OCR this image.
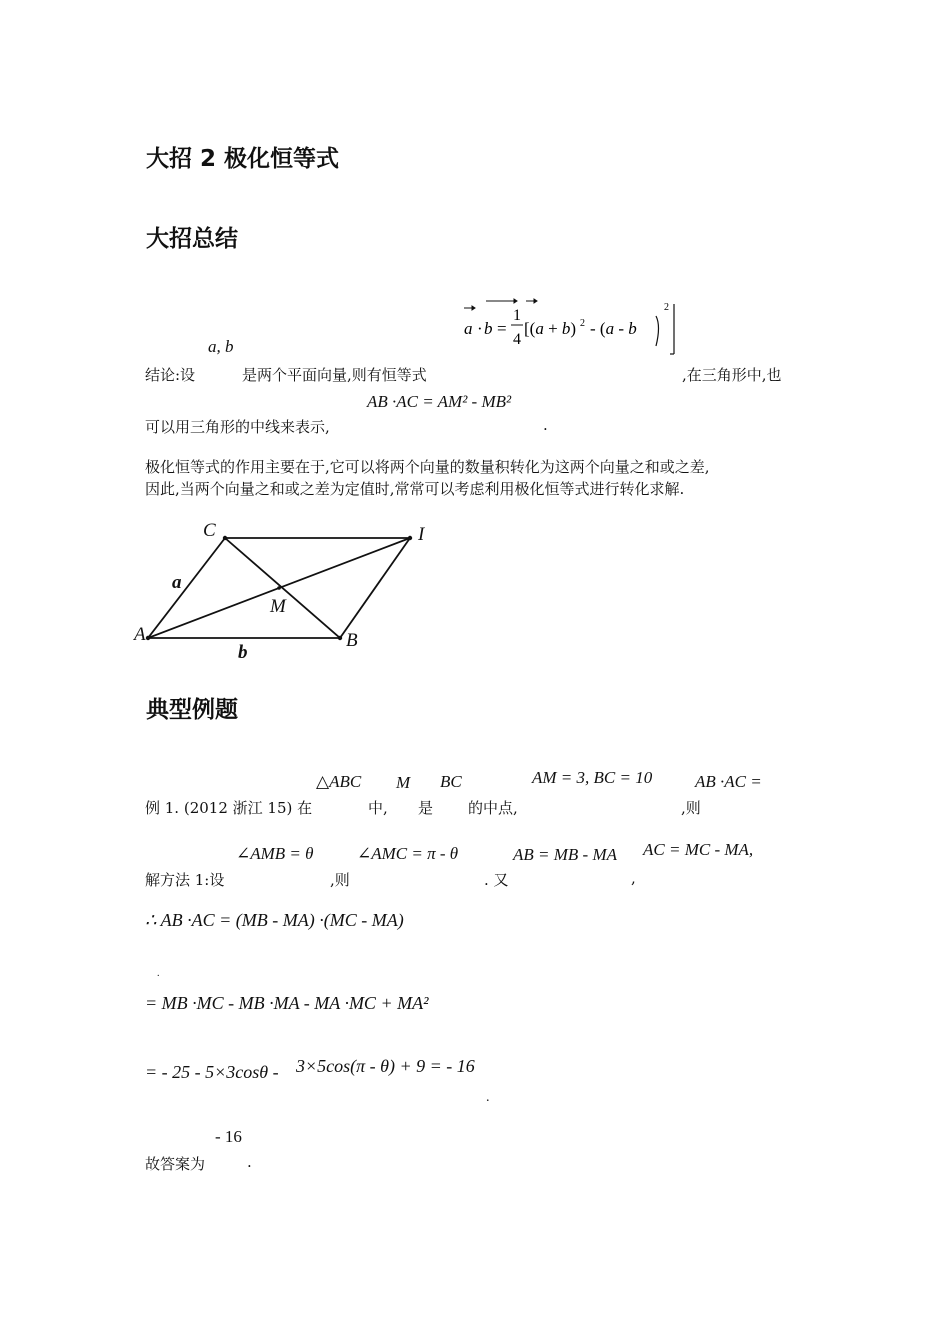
大招 2 极化恒等式
大招总结
a · b =
1
4
[(a + b) 2 - (a - b
2
a, b
结论:设	是两个平面向量,则有恒等式	,在三角形中,也
AB ·AC = AM² - MB²
可以用三角形的中线来表示,	.
极化恒等式的作用主要在于,它可以将两个向量的数量积转化为这两个向量之和或之差,
因此,当两个向量之和或之差为定值时,常常可以考虑利用极化恒等式进行转化求解.
C	I
A	B
M
a
b
典型例题
△ABC M BC	AM = 3, BC = 10	AB ·AC =
例 1. (2012 浙江 15) 在	中, 是 的中点,	,则
∠AMB = θ	∠AMC = π - θ	AB = MB - MA AC = MC - MA,
解方法 1:设	,则	. 又	,
∴ AB ·AC = (MB - MA) ·(MC - MA)
.
= MB ·MC - MB ·MA - MA ·MC + MA²
= - 25 - 5×3cosθ - 3×5cos(π - θ) + 9 = - 16
.
- 16
故答案为	.
